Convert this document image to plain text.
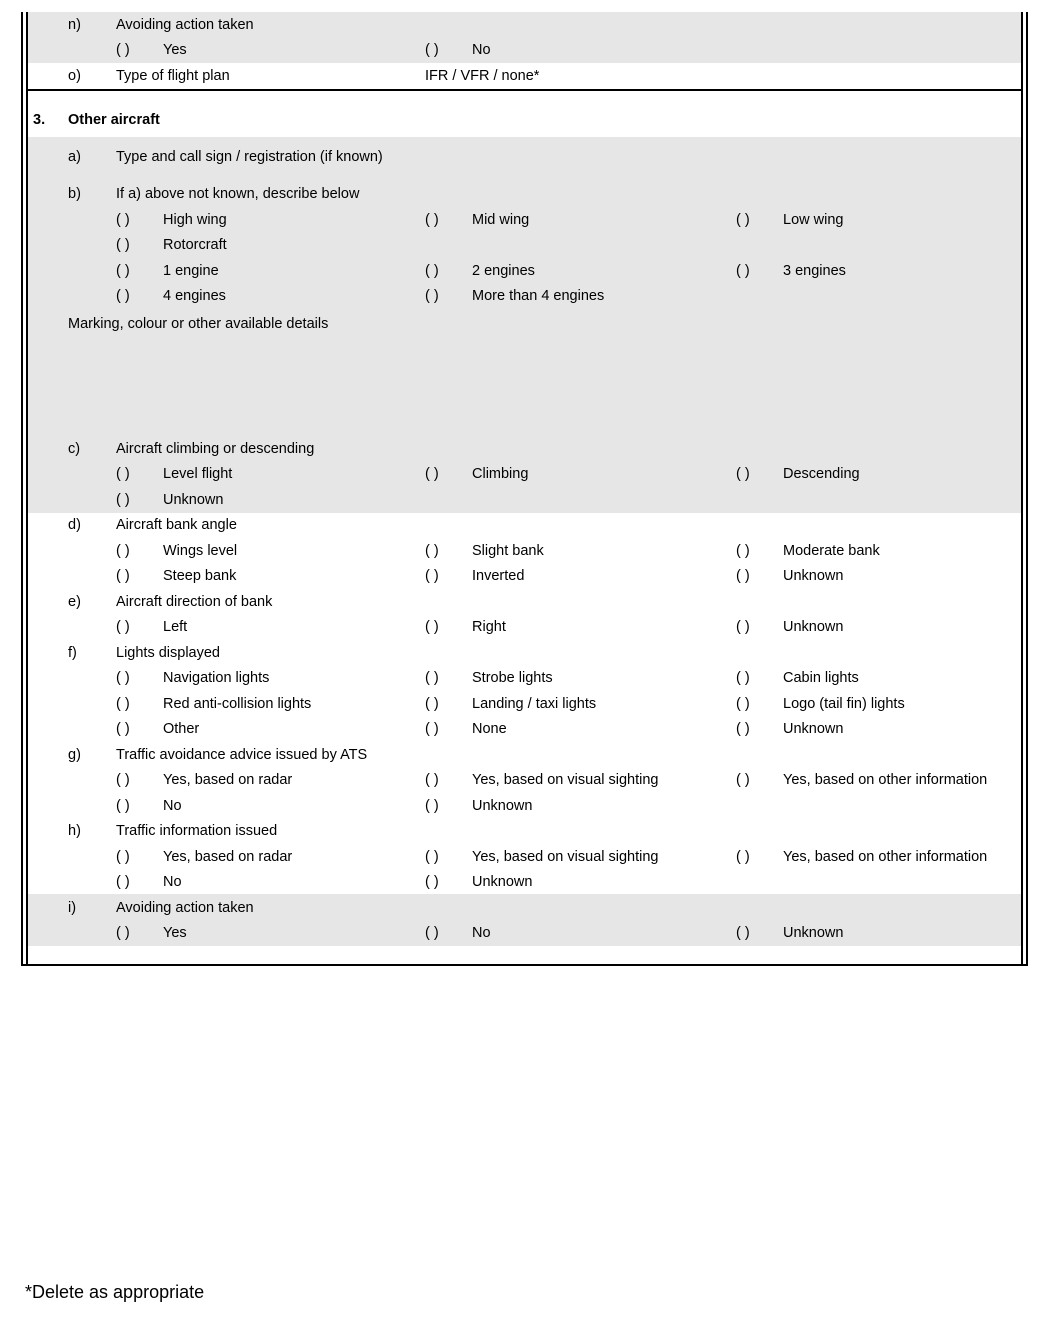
n) Avoiding action taken
( ) Yes	( ) No
o) Type of flight plan	IFR / VFR / none*
3. Other aircraft
a) Type and call sign / registration (if known)
b) If a) above not known, describe below
( ) High wing	( ) Mid wing	( ) Low wing
( ) Rotorcraft
( ) 1 engine	( ) 2 engines	( ) 3 engines
( ) 4 engines	( ) More than 4 engines
Marking, colour or other available details
c) Aircraft climbing or descending
( ) Level flight	( ) Climbing	( ) Descending
( ) Unknown
d) Aircraft bank angle
( ) Wings level	( ) Slight bank	( ) Moderate bank
( ) Steep bank	( ) Inverted	( ) Unknown
e) Aircraft direction of bank
( ) Left	( ) Right	( ) Unknown
f)	Lights displayed
( ) Navigation lights	( ) Strobe lights	( ) Cabin lights
( ) Red anti-collision lights	( ) Landing / taxi lights	( ) Logo (tail fin) lights
( ) Other	( ) None	( ) Unknown
g) Traffic avoidance advice issued by ATS
( ) Yes, based on radar	( ) Yes, based on visual sighting	( ) Yes, based on other information
( ) No	( ) Unknown
h) Traffic information issued
( ) Yes, based on radar	( ) Yes, based on visual sighting	( ) Yes, based on other information
( ) No	( ) Unknown
i)	Avoiding action taken
( ) Yes	( ) No	( ) Unknown
*Delete as appropriate
